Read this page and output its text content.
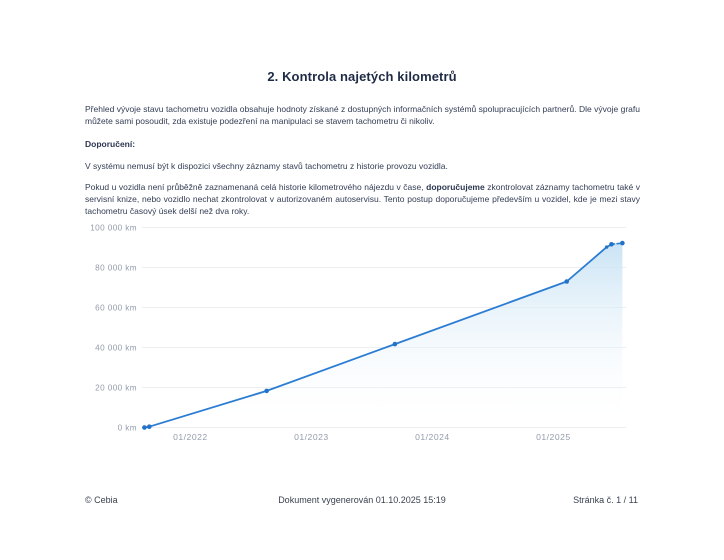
2. Kontrola najetých kilometrů

Přehled vývoje stavu tachometru vozidla obsahuje hodnoty získané z dostupných informačních systémů spolupracujících partnerů. Dle vývoje grafu můžete sami posoudit, zda existuje podezření na manipulaci se stavem tachometru či nikoliv.

Doporučení:

V systému nemusí být k dispozici všechny záznamy stavů tachometru z historie provozu vozidla.

Pokud u vozidla není průběžně zaznamenaná celá historie kilometrového nájezdu v čase, doporučujeme zkontrolovat záznamy tachometru také v servisní knize, nebo vozidlo nechat zkontrolovat v autorizovaném autoservisu. Tento postup doporučujeme především u vozidel, kde je mezi stavy tachometru časový úsek delší než dva roky.

0 km
20 000 km
40 000 km
60 000 km
80 000 km
100 000 km
01/2022	01/2023	01/2024	01/2025
© Cebia	Dokument vygenerován 01.10.2025 15:19	Stránka č. 1 / 11
